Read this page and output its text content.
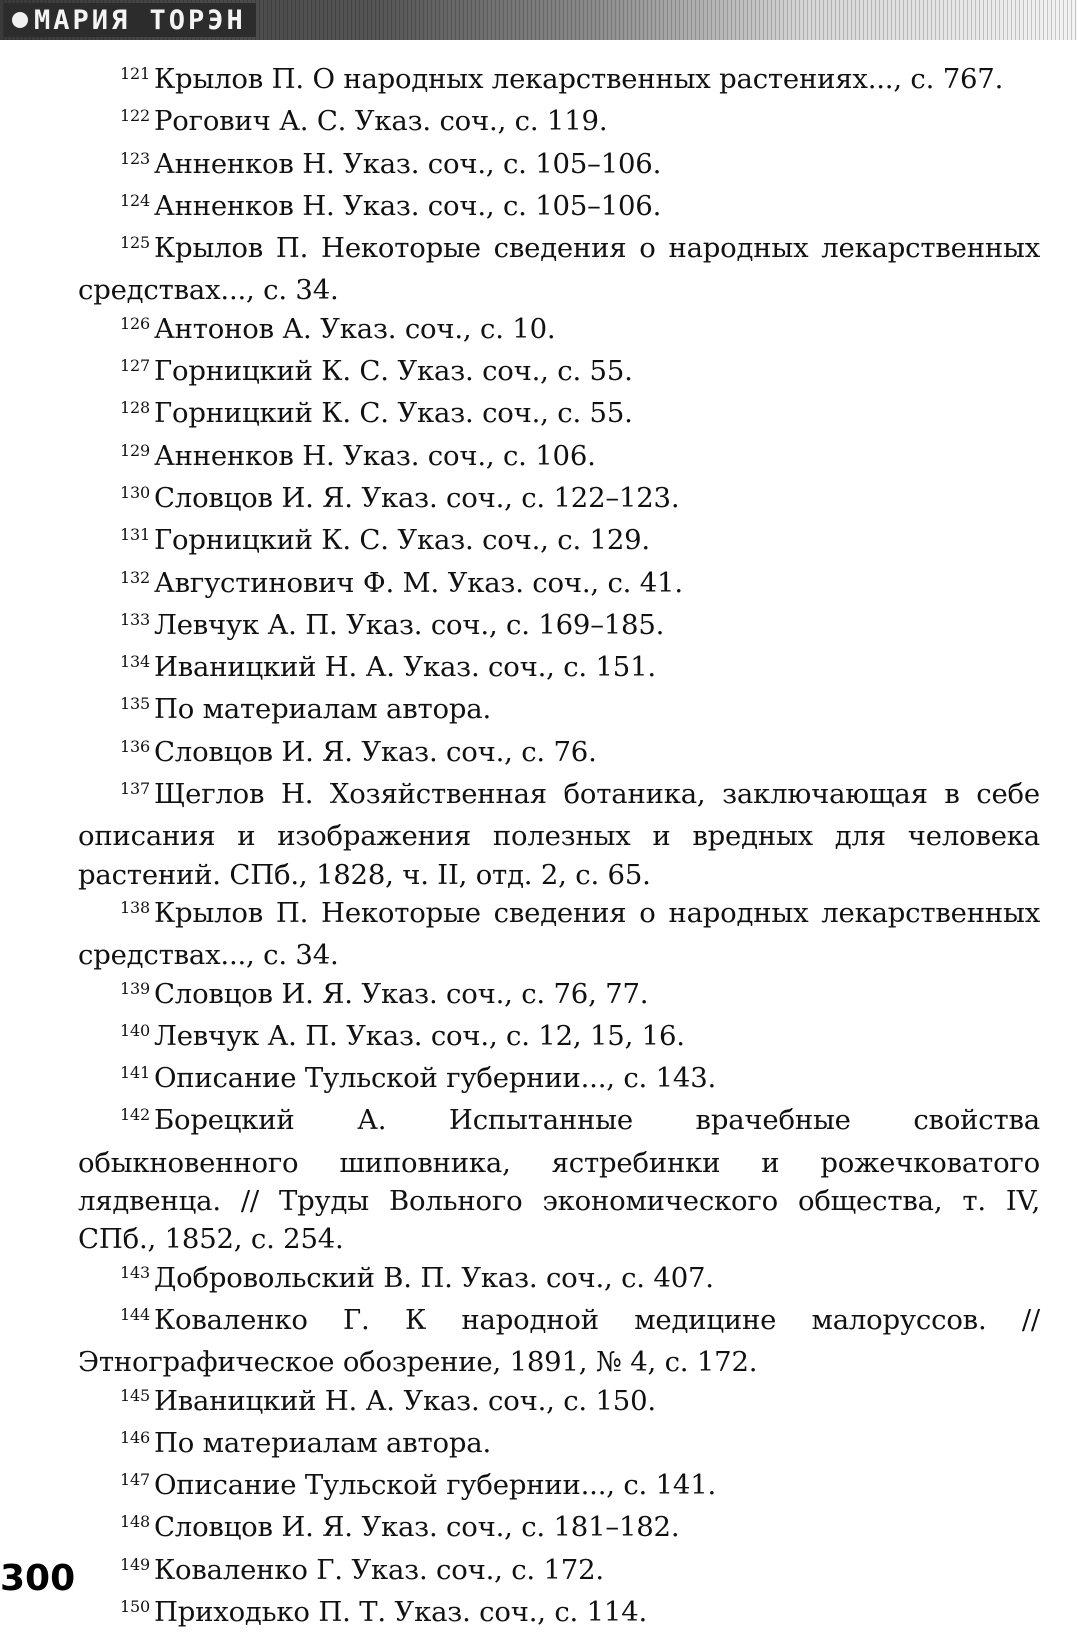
МАРИЯ ТОРЭН
$^{121}$ Крылов П. О народных лекарственных растениях..., с. 767.
$^{122}$ Рогович А. С. Указ. соч., с. 119.
$^{123}$ Анненков Н. Указ. соч., с. 105–106.
$^{124}$ Анненков Н. Указ. соч., с. 105–106.
$^{125}$ Крылов П. Некоторые сведения о народных лекарственных средствах..., с. 34.
$^{126}$ Антонов А. Указ. соч., с. 10.
$^{127}$ Горницкий К. С. Указ. соч., с. 55.
$^{128}$ Горницкий К. С. Указ. соч., с. 55.
$^{129}$ Анненков Н. Указ. соч., с. 106.
$^{130}$ Словцов И. Я. Указ. соч., с. 122–123.
$^{131}$ Горницкий К. С. Указ. соч., с. 129.
$^{132}$ Августинович Ф. М. Указ. соч., с. 41.
$^{133}$ Левчук А. П. Указ. соч., с. 169–185.
$^{134}$ Иваницкий Н. А. Указ. соч., с. 151.
$^{135}$ По материалам автора.
$^{136}$ Словцов И. Я. Указ. соч., с. 76.
$^{137}$ Щеглов Н. Хозяйственная ботаника, заключающая в себе описания и изображения полезных и вредных для человека растений. СПб., 1828, ч. II, отд. 2, с. 65.
$^{138}$ Крылов П. Некоторые сведения о народных лекарственных средствах..., с. 34.
$^{139}$ Словцов И. Я. Указ. соч., с. 76, 77.
$^{140}$ Левчук А. П. Указ. соч., с. 12, 15, 16.
$^{141}$ Описание Тульской губернии..., с. 143.
$^{142}$ Борецкий А. Испытанные врачебные свойства обыкновенного шиповника, ястребинки и рожечковатого лядвенца. // Труды Вольного экономического общества, т. IV, СПб., 1852, с. 254.
$^{143}$ Добровольский В. П. Указ. соч., с. 407.
$^{144}$ Коваленко Г. К народной медицине малоруссов. // Этнографическое обозрение, 1891, № 4, с. 172.
$^{145}$ Иваницкий Н. А. Указ. соч., с. 150.
$^{146}$ По материалам автора.
$^{147}$ Описание Тульской губернии..., с. 141.
$^{148}$ Словцов И. Я. Указ. соч., с. 181–182.
$^{149}$ Коваленко Г. Указ. соч., с. 172.
$^{150}$ Приходько П. Т. Указ. соч., с. 114.
300
